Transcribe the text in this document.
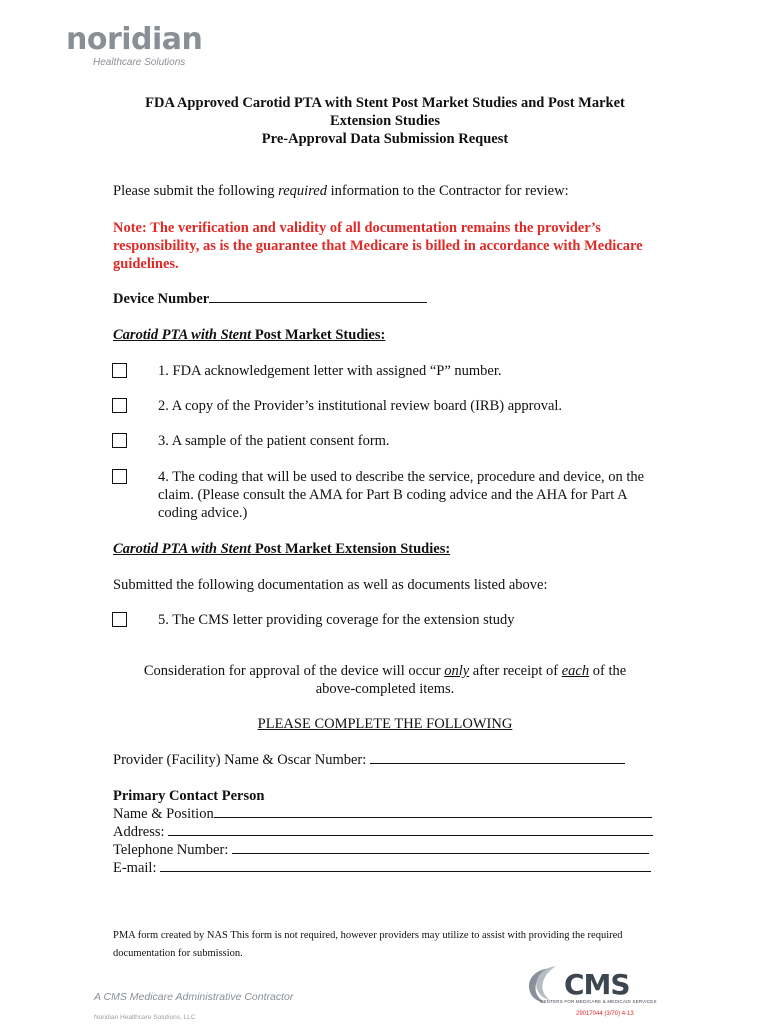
noridian
Healthcare Solutions
FDA Approved Carotid PTA with Stent Post Market Studies and Post Market
Extension Studies
Pre-Approval Data Submission Request
Please submit the following required information to the Contractor for review:
Note: The verification and validity of all documentation remains the provider’s responsibility, as is the guarantee that Medicare is billed in accordance with Medicare guidelines.
Device Number
Carotid PTA with Stent Post Market Studies:
1. FDA acknowledgement letter with assigned “P” number.
2. A copy of the Provider’s institutional review board (IRB) approval.
3. A sample of the patient consent form.
4. The coding that will be used to describe the service, procedure and device, on the claim. (Please consult the AMA for Part B coding advice and the AHA for Part A coding advice.)
Carotid PTA with Stent Post Market Extension Studies:
Submitted the following documentation as well as documents listed above:
5. The CMS letter providing coverage for the extension study
Consideration for approval of the device will occur only after receipt of each of the
above-completed items.
PLEASE COMPLETE THE FOLLOWING
Provider (Facility) Name & Oscar Number:
Primary Contact Person
Name & Position
Address:
Telephone Number:
E-mail:
PMA form created by NAS This form is not required, however providers may utilize to assist with providing the required documentation for submission.
A CMS Medicare Administrative Contractor
Noridian Healthcare Solutions, LLC
CMS
CENTERS FOR MEDICARE & MEDICAID SERVICES
29017044 (3/70) 4-13
